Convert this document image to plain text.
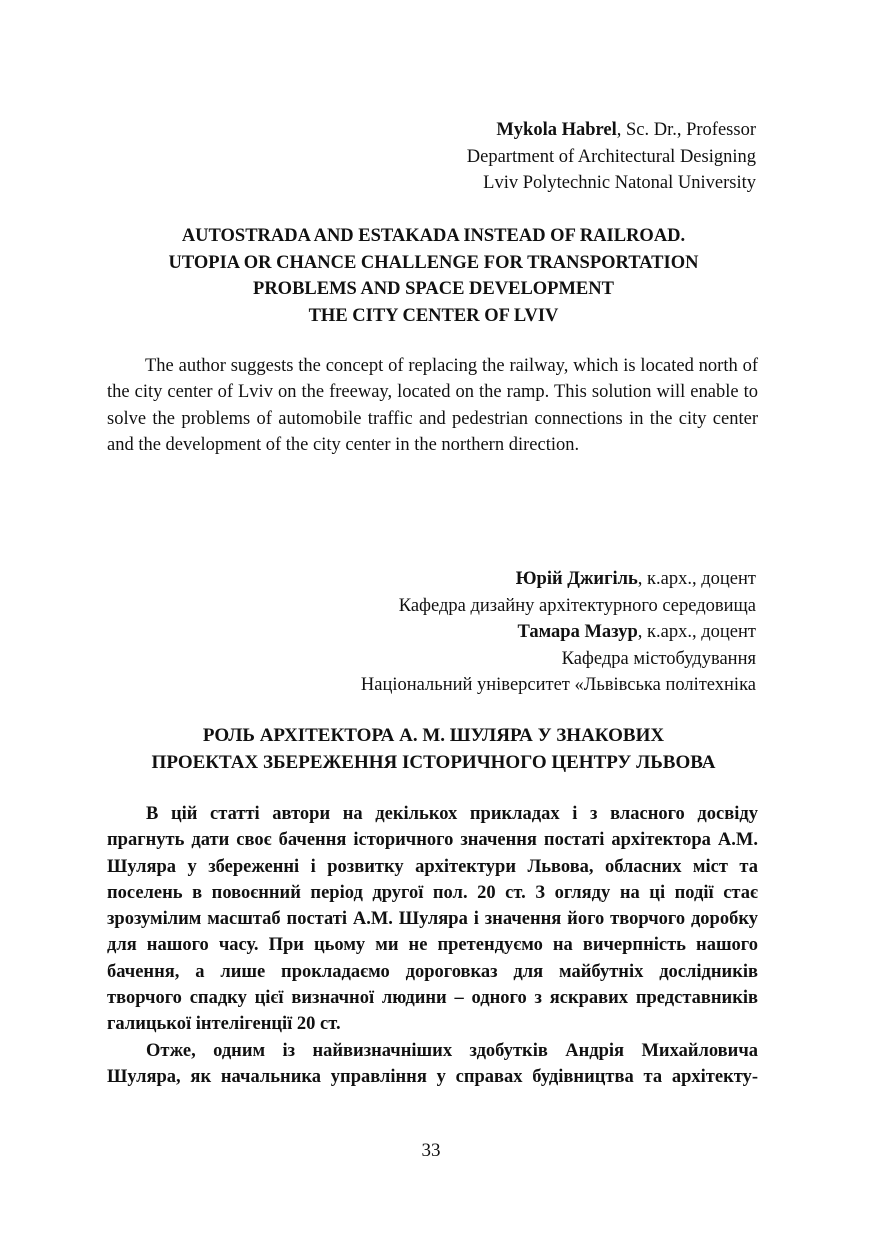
Mykola Habrel, Sc. Dr., Professor
Department of Architectural Designing
Lviv Polytechnic Natonal University
AUTOSTRADA AND ESTAKADA INSTEAD OF RAILROAD.
UTOPIA OR CHANCE CHALLENGE FOR TRANSPORTATION
PROBLEMS AND SPACE DEVELOPMENT
THE CITY CENTER OF LVIV

The author suggests the concept of replacing the railway, which is located north of the city center of Lviv on the freeway, located on the ramp. This solution will enable to solve the problems of automobile traffic and pedestrian connections in the city center and the development of the city center in the northern direction.

Юрій Джигіль, к.арх., доцент
Кафедра дизайну архітектурного середовища
Тамара Мазур, к.арх., доцент
Кафедра містобудування
Національний університет «Львівська політехніка
РОЛЬ АРХІТЕКТОРА А. М. ШУЛЯРА У ЗНАКОВИХ
ПРОЕКТАХ ЗБЕРЕЖЕННЯ ІСТОРИЧНОГО ЦЕНТРУ ЛЬВОВА

В цій статті автори на декількох прикладах і з власного досвіду прагнуть дати своє бачення історичного значення постаті архітектора А.М. Шуляра у збереженні і розвитку архітектури Львова, обласних міст та поселень в повоєнний період другої пол. 20 ст. З огляду на ці події стає зрозумілим масштаб постаті А.М. Шуляра і значення його творчого доробку для нашого часу. При цьому ми не претендуємо на вичерпність нашого бачення, а лише прокладаємо дороговказ для майбутніх дослідників творчого спадку цієї визначної людини – одного з яскравих представників галицької інтелігенції 20 ст.

Отже, одним із найвизначніших здобутків Андрія Михайловича Шуляра, як начальника управління у справах будівництва та архітекту-

33
